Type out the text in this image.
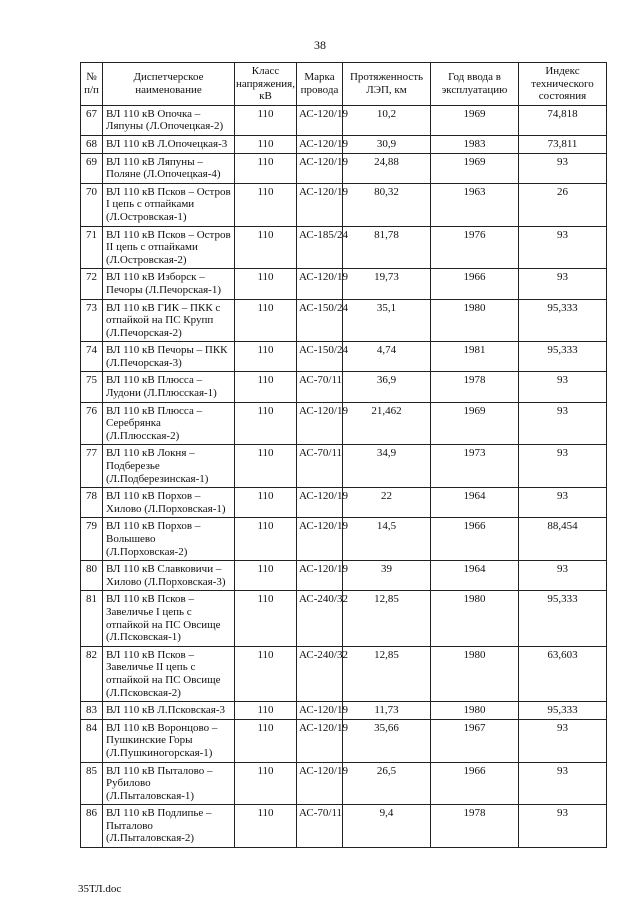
38
№ п/п	Диспетчерское наименование	Класс напряжения, кВ	Марка провода	Протяженность ЛЭП, км	Год ввода в эксплуатацию	Индекс технического состояния
67	ВЛ 110 кВ Опочка – Ляпуны (Л.Опочецкая-2)	110	АС-120/19	10,2	1969	74,818
68	ВЛ 110 кВ Л.Опочецкая-3	110	АС-120/19	30,9	1983	73,811
69	ВЛ 110 кВ Ляпуны – Поляне (Л.Опочецкая-4)	110	АС-120/19	24,88	1969	93
70	ВЛ 110 кВ Псков – Остров I цепь с отпайками (Л.Островская-1)	110	АС-120/19	80,32	1963	26
71	ВЛ 110 кВ Псков – Остров II цепь с отпайками (Л.Островская-2)	110	АС-185/24	81,78	1976	93
72	ВЛ 110 кВ Изборск – Печоры (Л.Печорская-1)	110	АС-120/19	19,73	1966	93
73	ВЛ 110 кВ ГИК – ПКК с отпайкой на ПС Крупп (Л.Печорская-2)	110	АС-150/24	35,1	1980	95,333
74	ВЛ 110 кВ Печоры – ПКК (Л.Печорская-3)	110	АС-150/24	4,74	1981	95,333
75	ВЛ 110 кВ Плюсса – Лудони (Л.Плюсская-1)	110	АС-70/11	36,9	1978	93
76	ВЛ 110 кВ Плюсса – Серебрянка (Л.Плюсская-2)	110	АС-120/19	21,462	1969	93
77	ВЛ 110 кВ Локня – Подберезье (Л.Подберезинская-1)	110	АС-70/11	34,9	1973	93
78	ВЛ 110 кВ Порхов – Хилово (Л.Порховская-1)	110	АС-120/19	22	1964	93
79	ВЛ 110 кВ Порхов – Волышево (Л.Порховская-2)	110	АС-120/19	14,5	1966	88,454
80	ВЛ 110 кВ Славковичи – Хилово (Л.Порховская-3)	110	АС-120/19	39	1964	93
81	ВЛ 110 кВ Псков – Завеличье I цепь с отпайкой на ПС Овсище (Л.Псковская-1)	110	АС-240/32	12,85	1980	95,333
82	ВЛ 110 кВ Псков – Завеличье II цепь с отпайкой на ПС Овсище (Л.Псковская-2)	110	АС-240/32	12,85	1980	63,603
83	ВЛ 110 кВ Л.Псковская-3	110	АС-120/19	11,73	1980	95,333
84	ВЛ 110 кВ Воронцово – Пушкинские Горы (Л.Пушкиногорская-1)	110	АС-120/19	35,66	1967	93
85	ВЛ 110 кВ Пыталово – Рубилово (Л.Пыталовская-1)	110	АС-120/19	26,5	1966	93
86	ВЛ 110 кВ Подлипье – Пыталово (Л.Пыталовская-2)	110	АС-70/11	9,4	1978	93
35ТЛ.doc
